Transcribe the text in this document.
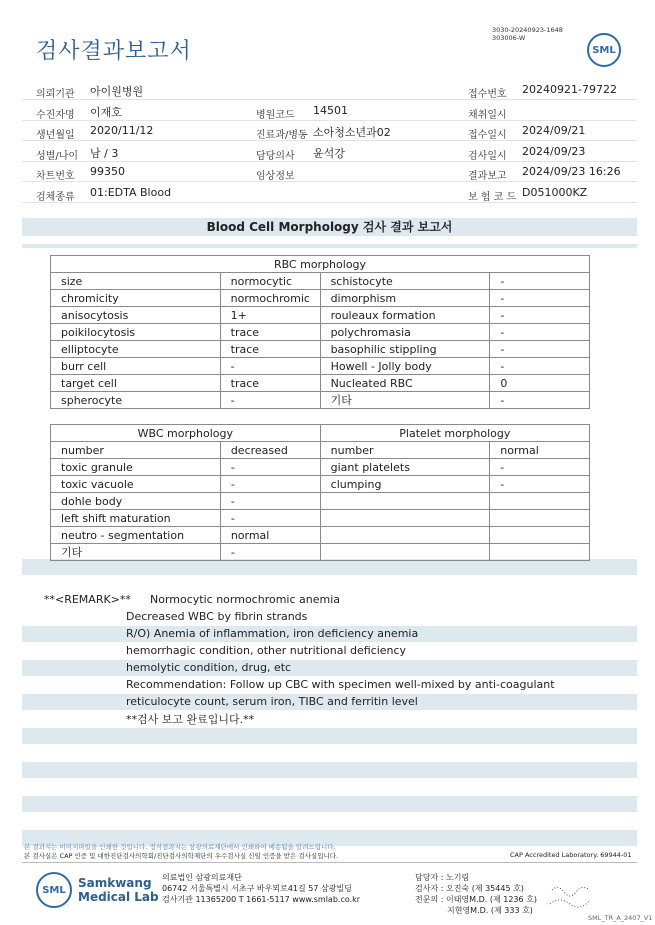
검사결과보고서
3030-20240923-1648
303006-W
SML
의뢰기관 아이원병원	접수번호 20240921-79722
수진자명 이재호	병원코드 14501	채취일시
생년월일 2020/11/12	진료과/병동 소아청소년과02	접수일시 2024/09/21
성별/나이 남 / 3	담당의사 윤석강	검사일시 2024/09/23
차트번호 99350	임상정보	결과보고 2024/09/23 16:26
검체종류 01:EDTA Blood	보 험 코 드 D051000KZ
Blood Cell Morphology 검사 결과 보고서
RBC morphology			
size	normocytic	schistocyte	-
chromicity	normochromic	dimorphism	-
anisocytosis	1+	rouleaux formation	-
poikilocytosis	trace	polychromasia	-
elliptocyte	trace	basophilic stippling	-
burr cell	-	Howell - Jolly body	-
target cell	trace	Nucleated RBC	0
spherocyte	-	기타	-
WBC morphology		Platelet morphology	
number	decreased	number	normal
toxic granule	-	giant platelets	-
toxic vacuole	-	clumping	-
dohle body	-		
left shift maturation	-		
neutro - segmentation	normal		
기타	-		
**<REMARK>** Normocytic normochromic anemia
Decreased WBC by fibrin strands
R/O) Anemia of inflammation, iron deficiency anemia
hemorrhagic condition, other nutritional deficiency
hemolytic condition, drug, etc
Recommendation: Follow up CBC with specimen well-mixed by anti-coagulant
reticulocyte count, serum iron, TIBC and ferritin level
**검사 보고 완료입니다.**
본 결과지는 이미지파일을 인쇄한 것입니다. 정식결과지는 삼광의료재단에서 인쇄하여 배송됨을 알려드립니다.
본 검사실은 CAP 인증 및 대한진단검사의학회/진단검사의학재단의 우수검사실 신임 인증을 받은 검사실입니다.	CAP Accredited Laboratory. 69944-01
SML	Samkwang
Medical Lab
의료법인 삼광의료재단
06742 서울특별시 서초구 바우뫼로41길 57 삼광빌딩
검사기관 11365200 T 1661-5117 www.smlab.co.kr
담당자 : 노기림
검사자 : 오진숙 (제 35445 호)
전문의 : 이태영M.D. (제 1236 호)
지현영M.D. (제 333 호)
SML_TR_A_2407_V1
